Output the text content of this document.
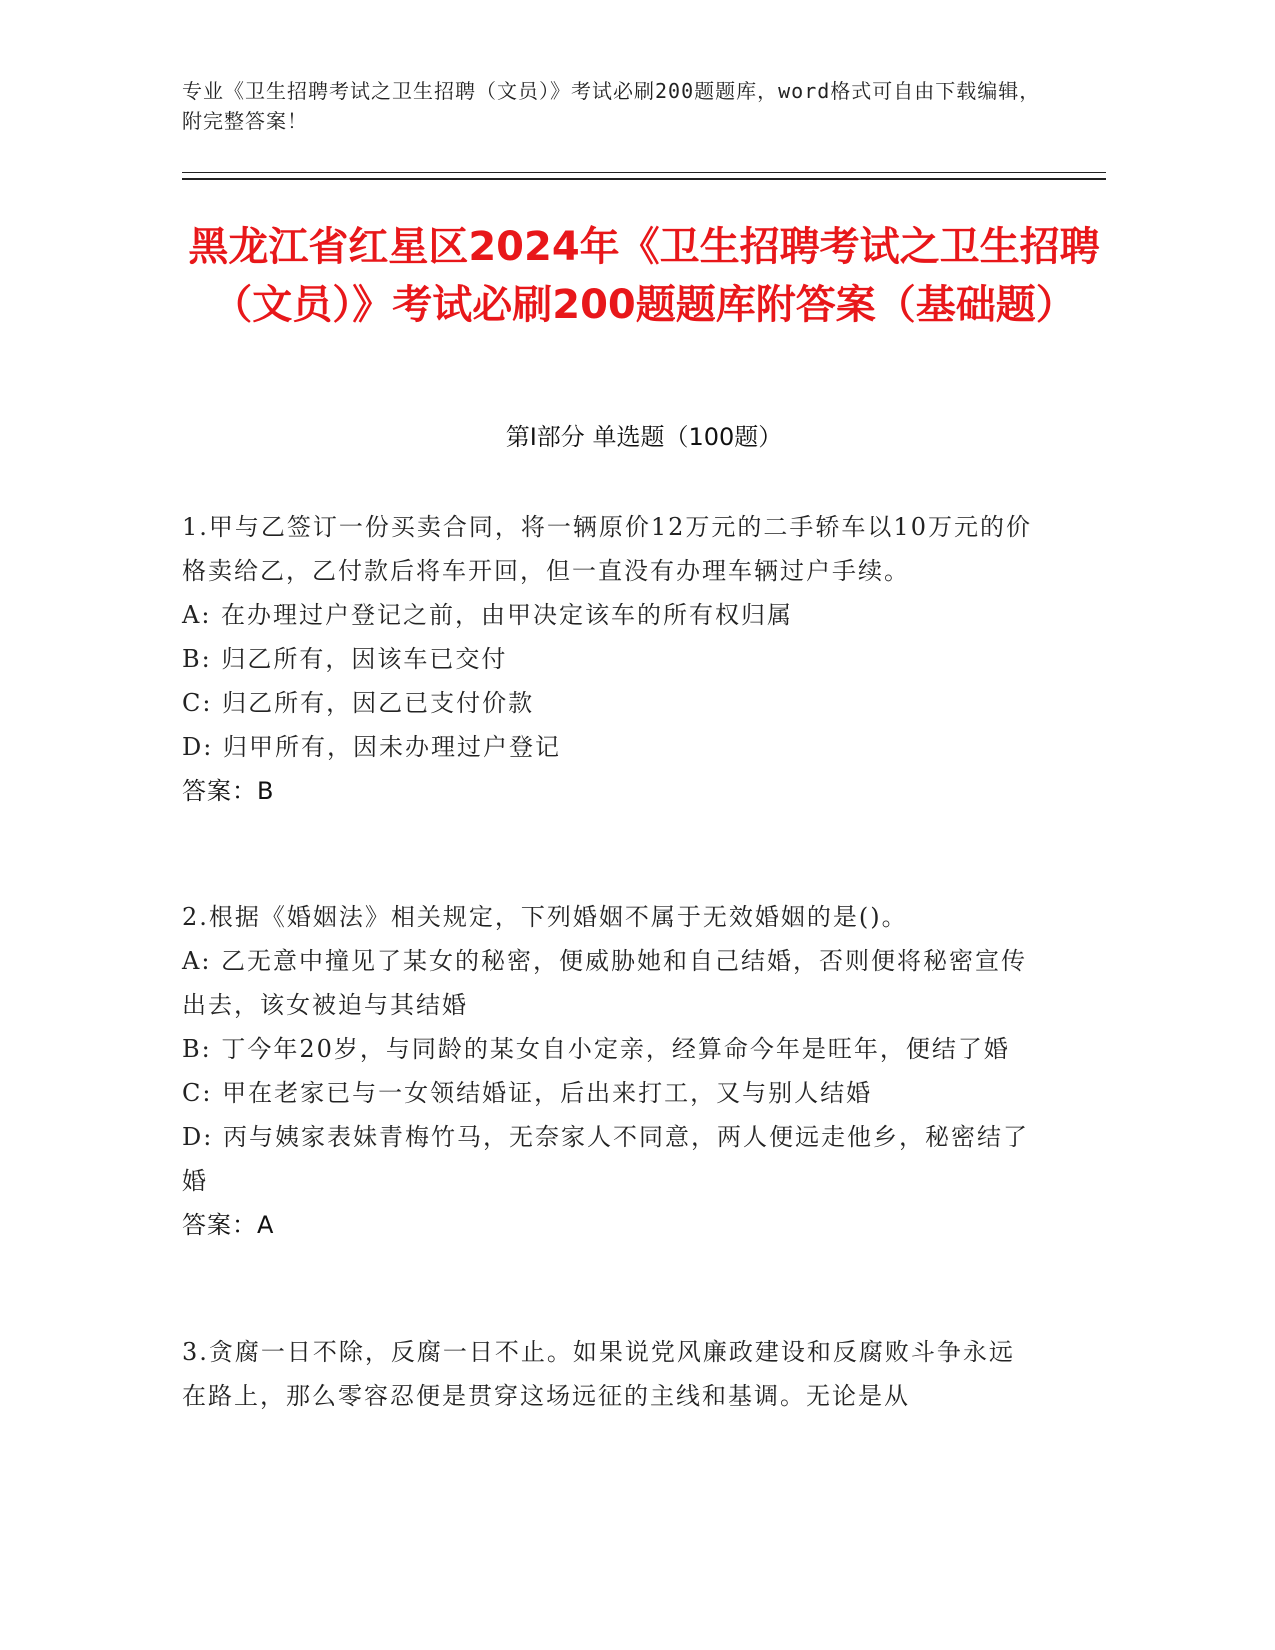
专业《卫生招聘考试之卫生招聘（文员）》考试必刷200题题库，word格式可自由下载编辑，附完整答案！
黑龙江省红星区2024年《卫生招聘考试之卫生招聘（文员）》考试必刷200题题库附答案（基础题）
第Ⅰ部分 单选题（100题）

1.甲与乙签订一份买卖合同，将一辆原价12万元的二手轿车以10万元的价格卖给乙，乙付款后将车开回，但一直没有办理车辆过户手续。

A: 在办理过户登记之前，由甲决定该车的所有权归属

B: 归乙所有，因该车已交付

C: 归乙所有，因乙已支付价款

D: 归甲所有，因未办理过户登记

答案：B

2.根据《婚姻法》相关规定，下列婚姻不属于无效婚姻的是()。

A: 乙无意中撞见了某女的秘密，便威胁她和自己结婚，否则便将秘密宣传出去，该女被迫与其结婚

B: 丁今年20岁，与同龄的某女自小定亲，经算命今年是旺年，便结了婚

C: 甲在老家已与一女领结婚证，后出来打工，又与别人结婚

D: 丙与姨家表妹青梅竹马，无奈家人不同意，两人便远走他乡，秘密结了婚

答案：A

3.贪腐一日不除，反腐一日不止。如果说党风廉政建设和反腐败斗争永远在路上，那么零容忍便是贯穿这场远征的主线和基调。无论是从
